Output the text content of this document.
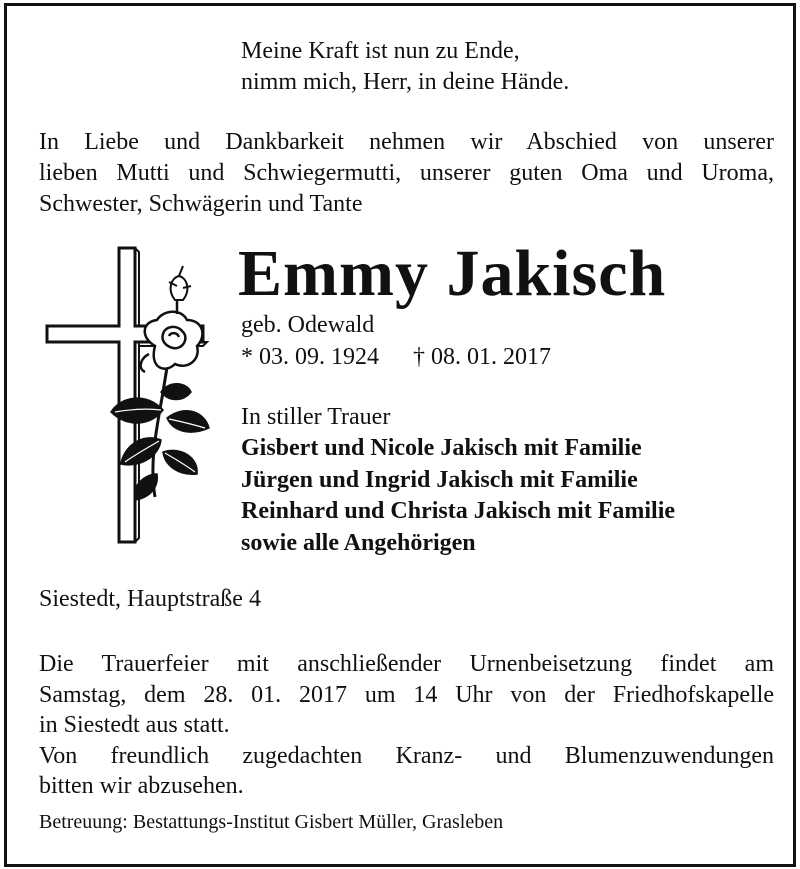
Meine Kraft ist nun zu Ende,
nimm mich, Herr, in deine Hände.
In Liebe und Dankbarkeit nehmen wir Abschied von unserer
lieben Mutti und Schwiegermutti, unserer guten Oma und Uroma,
Schwester, Schwägerin und Tante
Emmy Jakisch
geb. Odewald
* 03. 09. 1924 † 08. 01. 2017
In stiller Trauer
Gisbert und Nicole Jakisch mit Familie
Jürgen und Ingrid Jakisch mit Familie
Reinhard und Christa Jakisch mit Familie
sowie alle Angehörigen
Siestedt, Hauptstraße 4

Die Trauerfeier mit anschließender Urnenbeisetzung findet am

Samstag, dem 28. 01. 2017 um 14 Uhr von der Friedhofskapelle

in Siestedt aus statt.

Von freundlich zugedachten Kranz- und Blumenzuwendungen

bitten wir abzusehen.

Betreuung: Bestattungs-Institut Gisbert Müller, Grasleben
